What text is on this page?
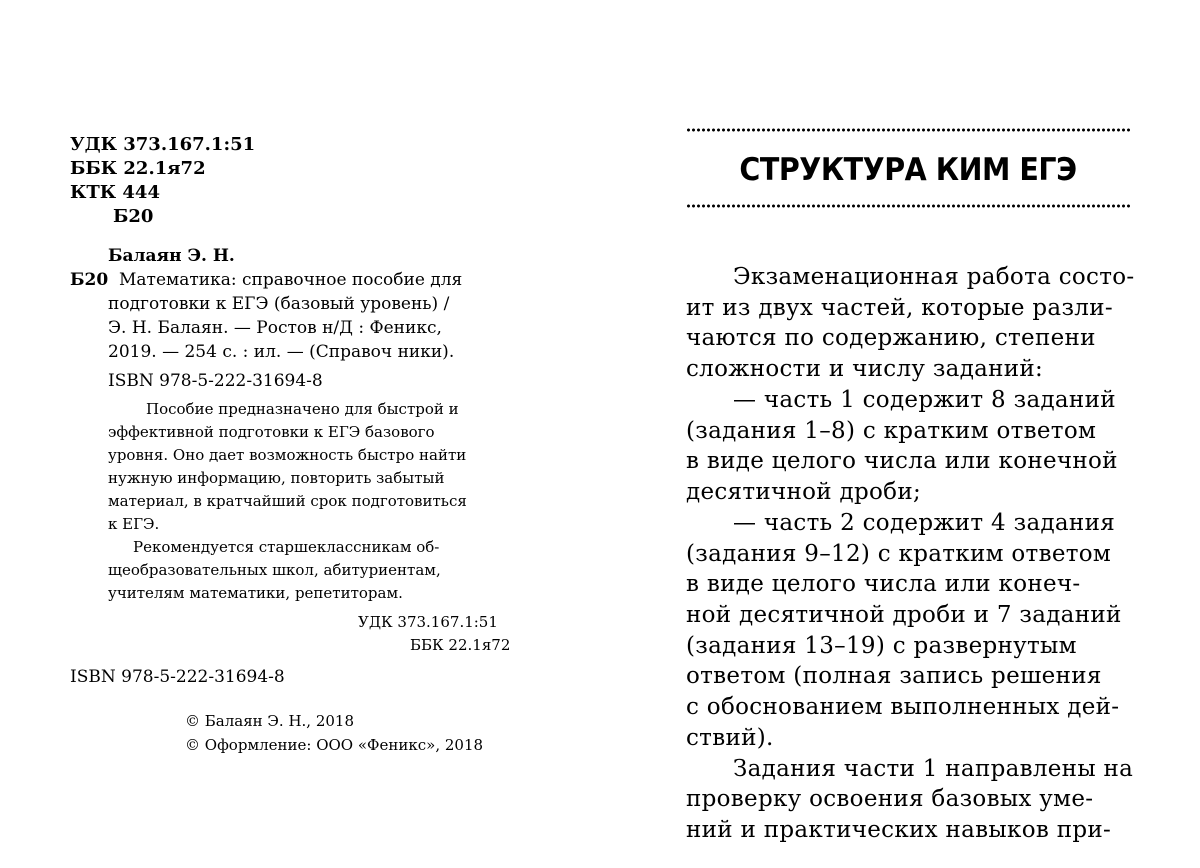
УДК 373.167.1:51
ББК 22.1я72
КТК 444
Б20
Балаян Э. Н.
Б20 Математика: справочное пособие для
подготовки к ЕГЭ (базовый уровень) /
Э. Н. Балаян. — Ростов н/Д : Феникс,
2019. — 254 с. : ил. — (Справоч ники).
ISBN 978-5-222-31694-8
Пособие предназначено для быстрой и
эффективной подготовки к ЕГЭ базового
уровня. Оно дает возможность быстро найти
нужную информацию, повторить забытый
материал, в кратчайший срок подготовиться
к ЕГЭ.
Рекомендуется старшеклассникам об-
щеобразовательных школ, абитуриентам,
учителям математики, репетиторам.
УДК 373.167.1:51
ББК 22.1я72
ISBN 978-5-222-31694-8
© Балаян Э. Н., 2018
© Оформление: ООО «Феникс», 2018
СТРУКТУРА КИМ ЕГЭ
Экзаменационная работа состо-
ит из двух частей, которые разли-
чаются по содержанию, степени
сложности и числу заданий:
— часть 1 содержит 8 заданий
(задания 1–8) с кратким ответом
в виде целого числа или конечной
десятичной дроби;
— часть 2 содержит 4 задания
(задания 9–12) с кратким ответом
в виде целого числа или конеч-
ной десятичной дроби и 7 заданий
(задания 13–19) с развернутым
ответом (полная запись решения
с обоснованием выполненных дей-
ствий).
Задания части 1 направлены на
проверку освоения базовых уме-
ний и практических навыков при-
